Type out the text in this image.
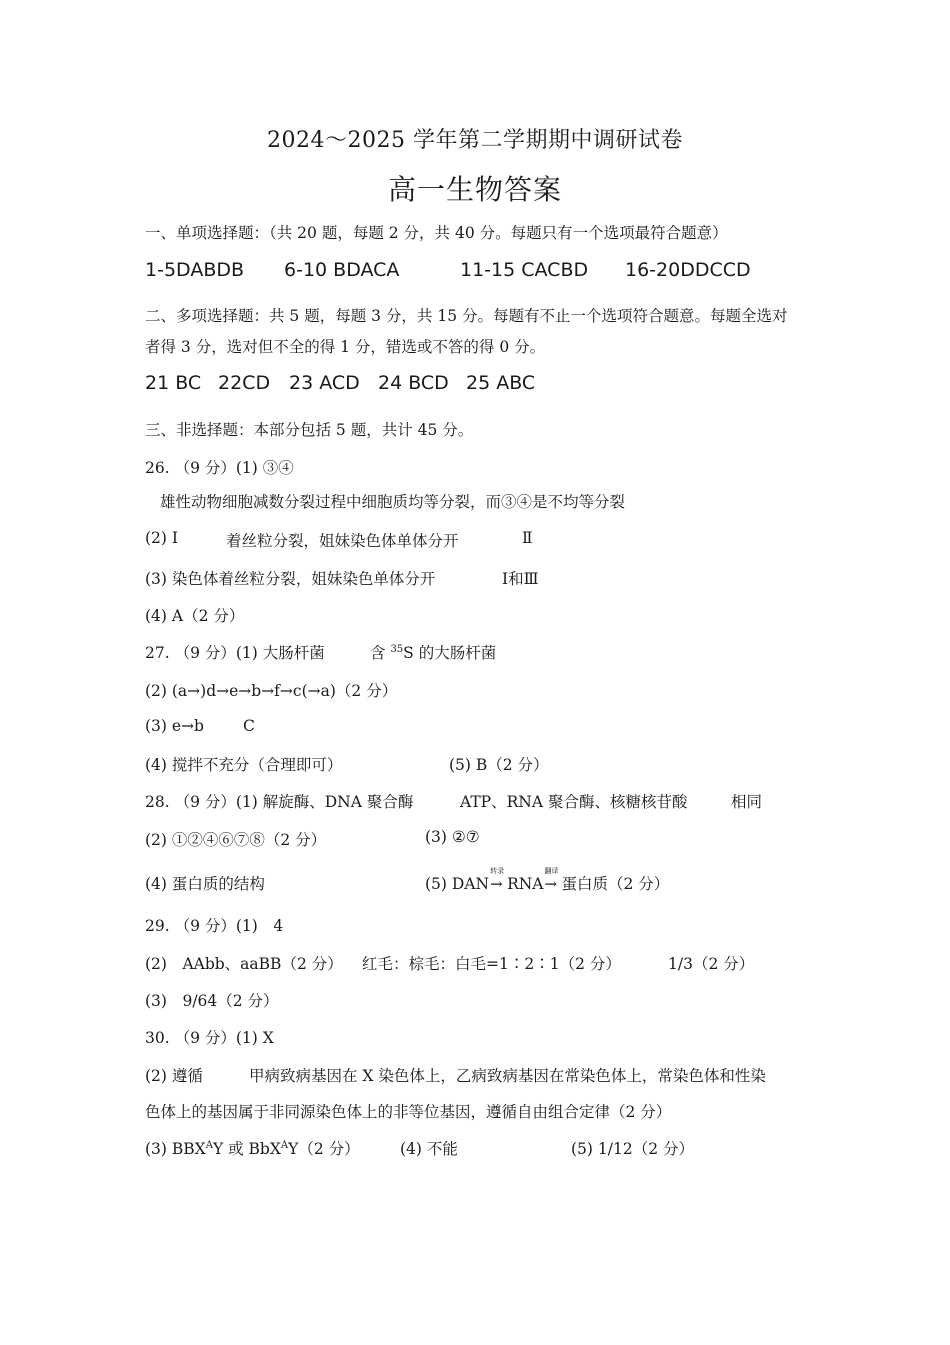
2024～2025 学年第二学期期中调研试卷
高一生物答案
一、单项选择题：（共 20 题，每题 2 分，共 40 分。每题只有一个选项最符合题意）
1-5DABDB 6-10 BDACA	11-15 CACBD 16-20DDCCD
二、多项选择题：共 5 题，每题 3 分，共 15 分。每题有不止一个选项符合题意。每题全选对
者得 3 分，选对但不全的得 1 分，错选或不答的得 0 分。
21 BC 22CD 23 ACD 24 BCD 25 ABC
三、非选择题：本部分包括 5 题，共计 45 分。
26. （9 分）(1) ③④
雄性动物细胞减数分裂过程中细胞质均等分裂，而③④是不均等分裂
(2) Ⅰ	着丝粒分裂，姐妹染色体单体分开	Ⅱ
(3) 染色体着丝粒分裂，姐妹染色单体分开	Ⅰ和Ⅲ
(4) A（2 分）
27. （9 分）(1) 大肠杆菌	含 $^{35}$S 的大肠杆菌
(2) (a→)d→e→b→f→c(→a)（2 分）
(3) e→b	C
(4) 搅拌不充分（合理即可）	(5) B（2 分）
28. （9 分）(1) 解旋酶、DNA 聚合酶	ATP、RNA 聚合酶、核糖核苷酸	相同
(2) ①②④⑥⑦⑧（2 分）	(3) ②⑦
(4) 蛋白质的结构	(5) DAN
转录
→ RNA
翻译
→ 蛋白质（2 分）
29. （9 分）(1)　4
(2)　AAbb、aaBB（2 分） 红毛：棕毛：白毛=1∶2∶1（2 分）	1/3（2 分）
(3)　9/64（2 分）
30. （9 分）(1) X
(2) 遵循	甲病致病基因在 X 染色体上，乙病致病基因在常染色体上，常染色体和性染
色体上的基因属于非同源染色体上的非等位基因，遵循自由组合定律（2 分）
(3) $BBX^AY$ 或 BbX$^A$Y（2 分）	(4) 不能	(5) 1/12（2 分）
